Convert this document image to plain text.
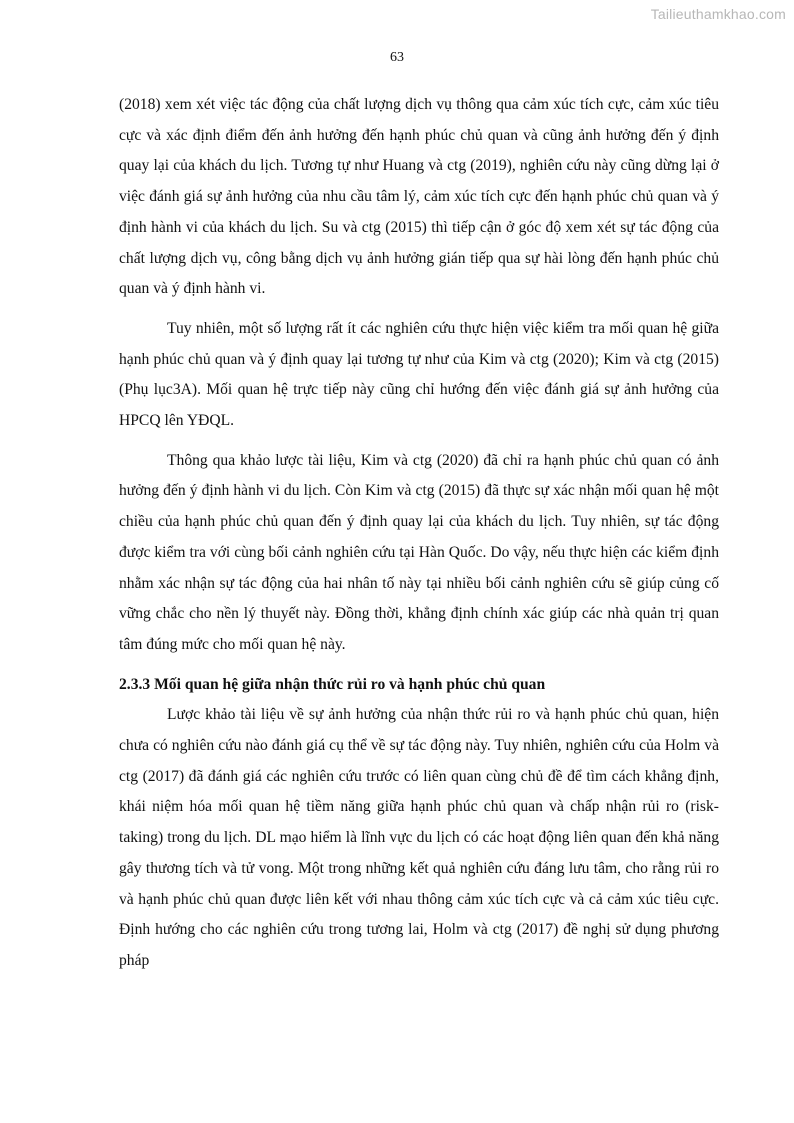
Tailieuthamkhao.com
63

(2018) xem xét việc tác động của chất lượng dịch vụ thông qua cảm xúc tích cực, cảm xúc tiêu cực và xác định điểm đến ảnh hưởng đến hạnh phúc chủ quan và cũng ảnh hưởng đến ý định quay lại của khách du lịch. Tương tự như Huang và ctg (2019), nghiên cứu này cũng dừng lại ở việc đánh giá sự ảnh hưởng của nhu cầu tâm lý, cảm xúc tích cực đến hạnh phúc chủ quan và ý định hành vi của khách du lịch. Su và ctg (2015) thì tiếp cận ở góc độ xem xét sự tác động của chất lượng dịch vụ, công bằng dịch vụ ảnh hưởng gián tiếp qua sự hài lòng đến hạnh phúc chủ quan và ý định hành vi.

Tuy nhiên, một số lượng rất ít các nghiên cứu thực hiện việc kiểm tra mối quan hệ giữa hạnh phúc chủ quan và ý định quay lại tương tự như của Kim và ctg (2020); Kim và ctg (2015) (Phụ lục3A). Mối quan hệ trực tiếp này cũng chỉ hướng đến việc đánh giá sự ảnh hưởng của HPCQ lên YĐQL.

Thông qua khảo lược tài liệu, Kim và ctg (2020) đã chỉ ra hạnh phúc chủ quan có ảnh hưởng đến ý định hành vi du lịch. Còn Kim và ctg (2015) đã thực sự xác nhận mối quan hệ một chiều của hạnh phúc chủ quan đến ý định quay lại của khách du lịch. Tuy nhiên, sự tác động được kiểm tra với cùng bối cảnh nghiên cứu tại Hàn Quốc. Do vậy, nếu thực hiện các kiểm định nhằm xác nhận sự tác động của hai nhân tố này tại nhiều bối cảnh nghiên cứu sẽ giúp củng cố vững chắc cho nền lý thuyết này. Đồng thời, khẳng định chính xác giúp các nhà quản trị quan tâm đúng mức cho mối quan hệ này.

2.3.3 Mối quan hệ giữa nhận thức rủi ro và hạnh phúc chủ quan

Lược khảo tài liệu về sự ảnh hưởng của nhận thức rủi ro và hạnh phúc chủ quan, hiện chưa có nghiên cứu nào đánh giá cụ thể về sự tác động này. Tuy nhiên, nghiên cứu của Holm và ctg (2017) đã đánh giá các nghiên cứu trước có liên quan cùng chủ đề để tìm cách khẳng định, khái niệm hóa mối quan hệ tiềm năng giữa hạnh phúc chủ quan và chấp nhận rủi ro (risk-taking) trong du lịch. DL mạo hiểm là lĩnh vực du lịch có các hoạt động liên quan đến khả năng gây thương tích và tử vong. Một trong những kết quả nghiên cứu đáng lưu tâm, cho rằng rủi ro và hạnh phúc chủ quan được liên kết với nhau thông cảm xúc tích cực và cả cảm xúc tiêu cực. Định hướng cho các nghiên cứu trong tương lai, Holm và ctg (2017) đề nghị sử dụng phương pháp
